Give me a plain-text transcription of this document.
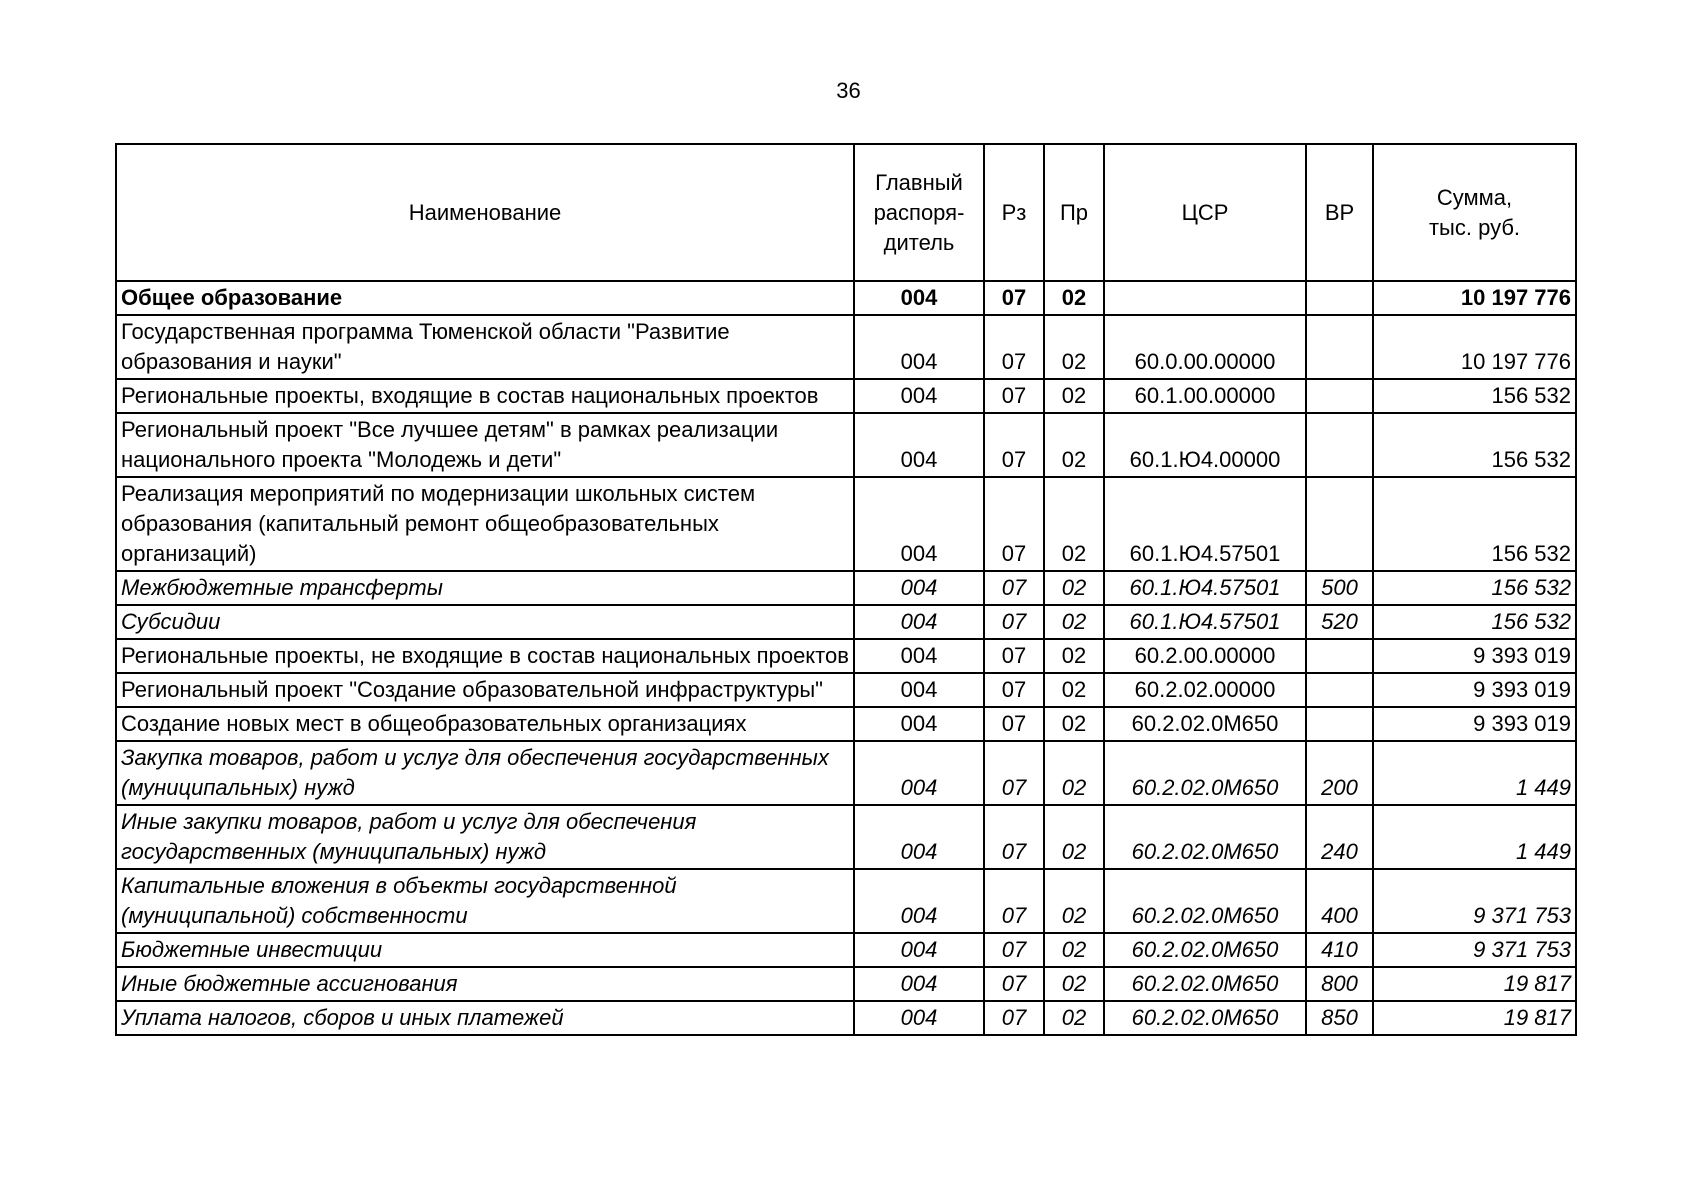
36
Наименование	Главный
распоря-
дитель	Рз	Пр	ЦСР	ВР	Сумма,
тыс. руб.

Общее образование	004	07	02			10 197 776
Государственная программа Тюменской области "Развитие образования и науки"	004	07	02	60.0.00.00000		10 197 776
Региональные проекты, входящие в состав национальных проектов	004	07	02	60.1.00.00000		156 532
Региональный проект "Все лучшее детям" в рамках реализации национального проекта "Молодежь и дети"	004	07	02	60.1.Ю4.00000		156 532
Реализация мероприятий по модернизации школьных систем образования (капитальный ремонт общеобразовательных организаций)	004	07	02	60.1.Ю4.57501		156 532
Межбюджетные трансферты	004	07	02	60.1.Ю4.57501	500	156 532
Субсидии	004	07	02	60.1.Ю4.57501	520	156 532
Региональные проекты, не входящие в состав национальных проектов	004	07	02	60.2.00.00000		9 393 019
Региональный проект "Создание образовательной инфраструктуры"	004	07	02	60.2.02.00000		9 393 019
Создание новых мест в общеобразовательных организациях	004	07	02	60.2.02.0М650		9 393 019
Закупка товаров, работ и услуг для обеспечения государственных (муниципальных) нужд	004	07	02	60.2.02.0М650	200	1 449
Иные закупки товаров, работ и услуг для обеспечения государственных (муниципальных) нужд	004	07	02	60.2.02.0М650	240	1 449
Капитальные вложения в объекты государственной (муниципальной) собственности	004	07	02	60.2.02.0М650	400	9 371 753
Бюджетные инвестиции	004	07	02	60.2.02.0М650	410	9 371 753
Иные бюджетные ассигнования	004	07	02	60.2.02.0М650	800	19 817
Уплата налогов, сборов и иных платежей	004	07	02	60.2.02.0М650	850	19 817
